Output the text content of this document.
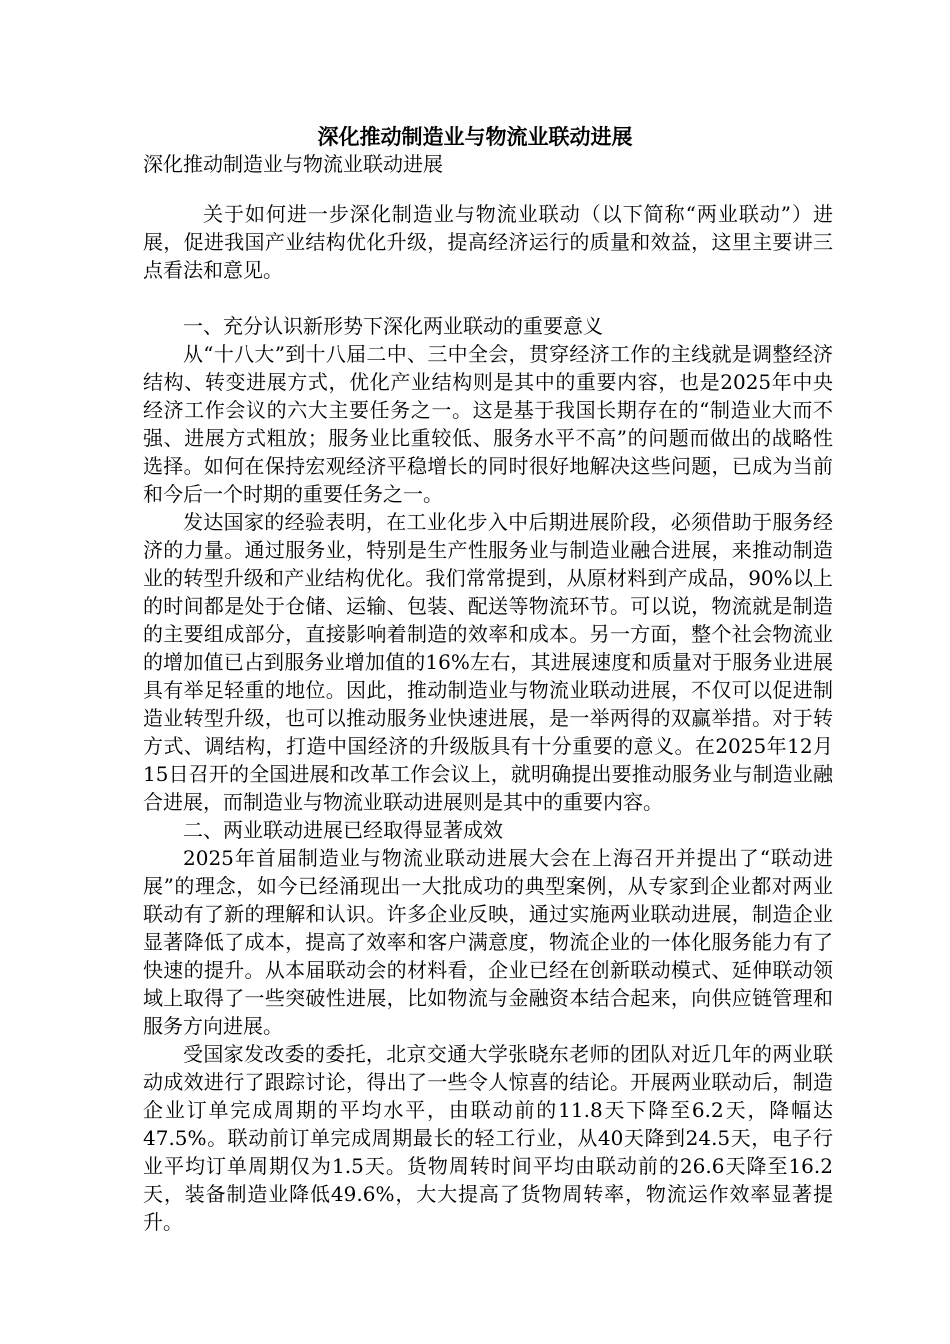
深化推动制造业与物流业联动进展
深化推动制造业与物流业联动进展

关于如何进一步深化制造业与物流业联动（以下简称“两业联动”）进展，促进我国产业结构优化升级，提高经济运行的质量和效益，这里主要讲三点看法和意见。

一、充分认识新形势下深化两业联动的重要意义

从“十八大”到十八届二中、三中全会，贯穿经济工作的主线就是调整经济结构、转变进展方式，优化产业结构则是其中的重要内容，也是2025年中央经济工作会议的六大主要任务之一。这是基于我国长期存在的“制造业大而不强、进展方式粗放；服务业比重较低、服务水平不高”的问题而做出的战略性选择。如何在保持宏观经济平稳增长的同时很好地解决这些问题，已成为当前和今后一个时期的重要任务之一。

发达国家的经验表明，在工业化步入中后期进展阶段，必须借助于服务经济的力量。通过服务业，特别是生产性服务业与制造业融合进展，来推动制造业的转型升级和产业结构优化。我们常常提到，从原材料到产成品，90%以上的时间都是处于仓储、运输、包装、配送等物流环节。可以说，物流就是制造的主要组成部分，直接影响着制造的效率和成本。另一方面，整个社会物流业的增加值已占到服务业增加值的16%左右，其进展速度和质量对于服务业进展具有举足轻重的地位。因此，推动制造业与物流业联动进展，不仅可以促进制造业转型升级，也可以推动服务业快速进展，是一举两得的双赢举措。对于转方式、调结构，打造中国经济的升级版具有十分重要的意义。在2025年12月15日召开的全国进展和改革工作会议上，就明确提出要推动服务业与制造业融合进展，而制造业与物流业联动进展则是其中的重要内容。

二、两业联动进展已经取得显著成效

2025年首届制造业与物流业联动进展大会在上海召开并提出了“联动进展”的理念，如今已经涌现出一大批成功的典型案例，从专家到企业都对两业联动有了新的理解和认识。许多企业反映，通过实施两业联动进展，制造企业显著降低了成本，提高了效率和客户满意度，物流企业的一体化服务能力有了快速的提升。从本届联动会的材料看，企业已经在创新联动模式、延伸联动领域上取得了一些突破性进展，比如物流与金融资本结合起来，向供应链管理和服务方向进展。

受国家发改委的委托，北京交通大学张晓东老师的团队对近几年的两业联动成效进行了跟踪讨论，得出了一些令人惊喜的结论。开展两业联动后，制造企业订单完成周期的平均水平，由联动前的11.8天下降至6.2天，降幅达47.5%。联动前订单完成周期最长的轻工行业，从40天降到24.5天，电子行业平均订单周期仅为1.5天。货物周转时间平均由联动前的26.6天降至16.2天，装备制造业降低49.6%，大大提高了货物周转率，物流运作效率显著提升。
